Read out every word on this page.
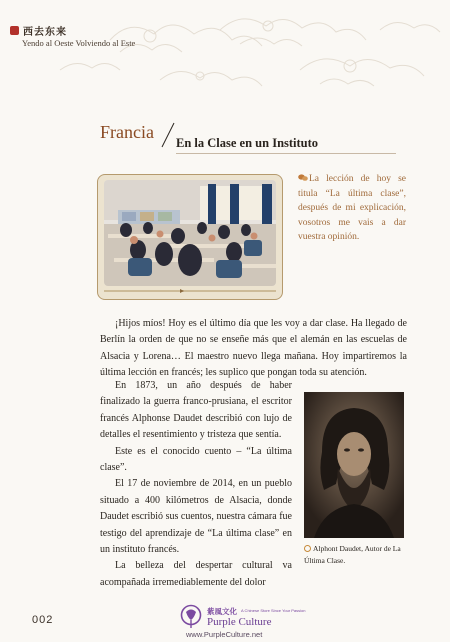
西去东来
Yendo al Oeste Volviendo al Este
Francia
En la Clase en un Instituto
La lección de hoy se titula “La última clase”, después de mi explicación, vosotros me vais a dar vuestra opinión.

¡Hijos míos! Hoy es el último día que les voy a dar clase. Ha llegado de Berlín la orden de que no se enseñe más que el alemán en las escuelas de Alsacia y Lorena… El maestro nuevo llega mañana. Hoy impartiremos la última lección en francés; les suplico que pongan toda su atención.

En 1873, un año después de haber finalizado la guerra franco-prusiana, el escritor francés Alphonse Daudet describió con lujo de detalles el resentimiento y tristeza que sentía.

Este es el conocido cuento – “La última clase”.

El 17 de noviembre de 2014, en un pueblo situado a 400 kilómetros de Alsacia, donde Daudet escribió sus cuentos, nuestra cámara fue testigo del aprendizaje de “La última clase” en un instituto francés.

La belleza del despertar cultural va acompañada irremediablemente del dolor

Alphont Daudet, Autor de La Última Clase.
002
紫風文化 A Chinese Store Since Your Passion
Purple Culture
www.PurpleCulture.net
